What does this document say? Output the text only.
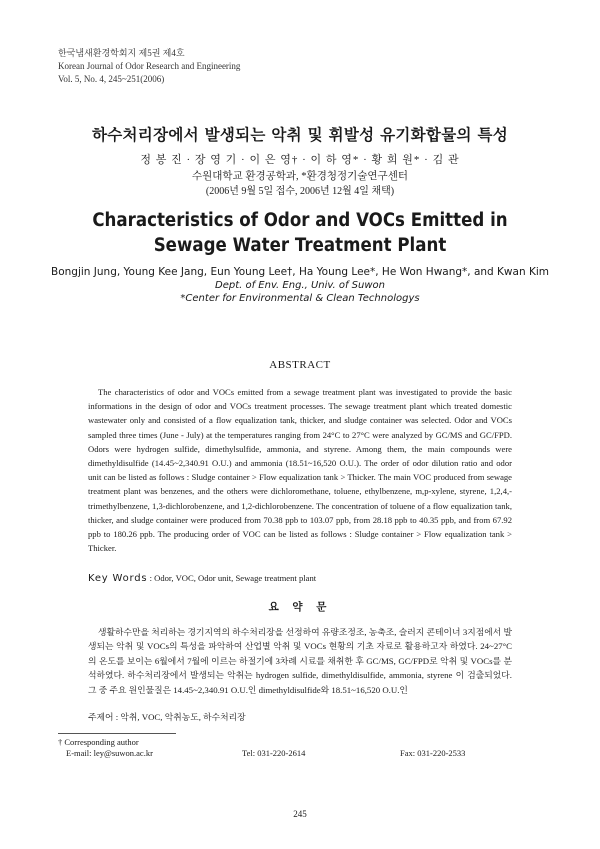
한국냄새환경학회지 제5권 제4호
Korean Journal of Odor Research and Engineering
Vol. 5, No. 4, 245~251(2006)
하수처리장에서 발생되는 악취 및 휘발성 유기화합물의 특성
정 봉 진 · 장 영 기 · 이 은 영† · 이 하 영* · 황 희 원* · 김 관
수원대학교 환경공학과, *환경청정기술연구센터
(2006년 9월 5일 접수, 2006년 12월 4일 채택)
Characteristics of Odor and VOCs Emitted in Sewage Water Treatment Plant
Bongjin Jung, Young Kee Jang, Eun Young Lee†, Ha Young Lee*, He Won Hwang*, and Kwan Kim
Dept. of Env. Eng., Univ. of Suwon
*Center for Environmental & Clean Technologys
ABSTRACT
The characteristics of odor and VOCs emitted from a sewage treatment plant was investigated to provide the basic informations in the design of odor and VOCs treatment processes. The sewage treatment plant which treated domestic wastewater only and consisted of a flow equalization tank, thicker, and sludge container was selected. Odor and VOCs sampled three times (June - July) at the temperatures ranging from 24°C to 27°C were analyzed by GC/MS and GC/FPD. Odors were hydrogen sulfide, dimethylsulfide, ammonia, and styrene. Among them, the main compounds were dimethyldisulfide (14.45~2,340.91 O.U.) and ammonia (18.51~16,520 O.U.). The order of odor dilution ratio and odor unit can be listed as follows : Sludge container > Flow equalization tank > Thicker. The main VOC produced from sewage treatment plant was benzenes, and the others were dichloromethane, toluene, ethylbenzene, m,p-xylene, styrene, 1,2,4,-trimethylbenzene, 1,3-dichlorobenzene, and 1,2-dichlorobenzene. The concentration of toluene of a flow equalization tank, thicker, and sludge container were produced from 70.38 ppb to 103.07 ppb, from 28.18 ppb to 40.35 ppb, and from 67.92 ppb to 180.26 ppb. The producing order of VOC can be listed as follows : Sludge container > Flow equalization tank > Thicker.
Key Words : Odor, VOC, Odor unit, Sewage treatment plant
요 약 문
생활하수만을 처리하는 경기지역의 하수처리장을 선정하여 유량조정조, 농축조, 슬러지 콘테이너 3지점에서 발생되는 악취 및 VOCs의 특성을 파악하여 산업별 악취 및 VOCs 현황의 기초 자료로 활용하고자 하였다. 24~27°C의 온도를 보이는 6월에서 7월에 이르는 하절기에 3차례 시료를 채취한 후 GC/MS, GC/FPD로 악취 및 VOCs를 분석하였다. 하수처리장에서 발생되는 악취는 hydrogen sulfide, dimethyldisulfide, ammonia, styrene 이 검출되었다. 그 중 주요 원인물질은 14.45~2,340.91 O.U.인 dimethyldisulfide와 18.51~16,520 O.U.인
주제어 : 악취, VOC, 악취농도, 하수처리장
† Corresponding author
E-mail: ley@suwon.ac.kr	Tel: 031-220-2614	Fax: 031-220-2533
245
